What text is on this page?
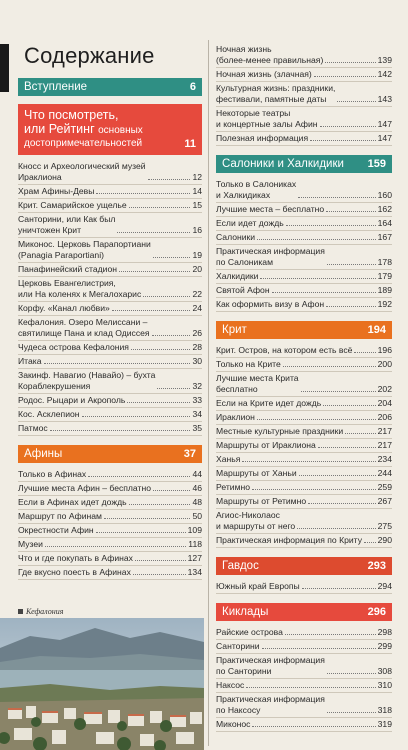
Содержание
Вступление	6
Что посмотреть,
или Рейтинг основных
достопримечательностей	11
Кносс и Археологический музей
Ираклиона	12
Храм Афины-Девы	14
Крит. Самарийское ущелье	15
Санторини, или Как был
уничтожен Крит	16
Миконос. Церковь Парапортиани
(Panagia Paraportiani)	19
Панафинейский стадион	20
Церковь Евангелистрия,
или На коленях к Мегалохарис	22
Корфу. «Канал любви»	24
Кефалония. Озеро Мелиссани –
святилище Пана и клад Одиссея	26
Чудеса острова Кефалония	28
Итака	30
Закинф. Навагио (Навайо) – бухта
Кораблекрушения	32
Родос. Рыцари и Акрополь	33
Кос. Асклепион	34
Патмос	35
Афины	37
Только в Афинах	44
Лучшие места Афин – бесплатно	46
Если в Афинах идет дождь	48
Маршрут по Афинам	50
Окрестности Афин	109
Музеи	118
Что и где покупать в Афинах	127
Где вкусно поесть в Афинах	134
Кефалония
Ночная жизнь
(более-менее правильная)	139
Ночная жизнь (злачная)	142
Культурная жизнь: праздники,
фестивали, памятные даты	143
Некоторые театры
и концертные залы Афин	147
Полезная информация	147
Салоники и Халкидики 159
Только в Салониках
и Халкидиках	160
Лучшие места – бесплатно	162
Если идет дождь	164
Салоники	167
Практическая информация
по Салоникам	178
Халкидики	179
Святой Афон	189
Как оформить визу в Афон	192
Крит	194
Крит. Остров, на котором есть всё	196
Только на Крите	200
Лучшие места Крита
бесплатно	202
Если на Крите идет дождь	204
Ираклион	206
Местные культурные праздники	217
Маршруты от Ираклиона	217
Ханья	234
Маршруты от Ханьи	244
Ретимно	259
Маршруты от Ретимно	267
Агиос-Николаос
и маршруты от него	275
Практическая информация по Криту 290
Гавдос	293
Южный край Европы	294
Киклады	296
Райские острова	298
Санторини	299
Практическая информация
по Санторини	308
Наксос	310
Практическая информация
по Наксосу	318
Миконос	319
